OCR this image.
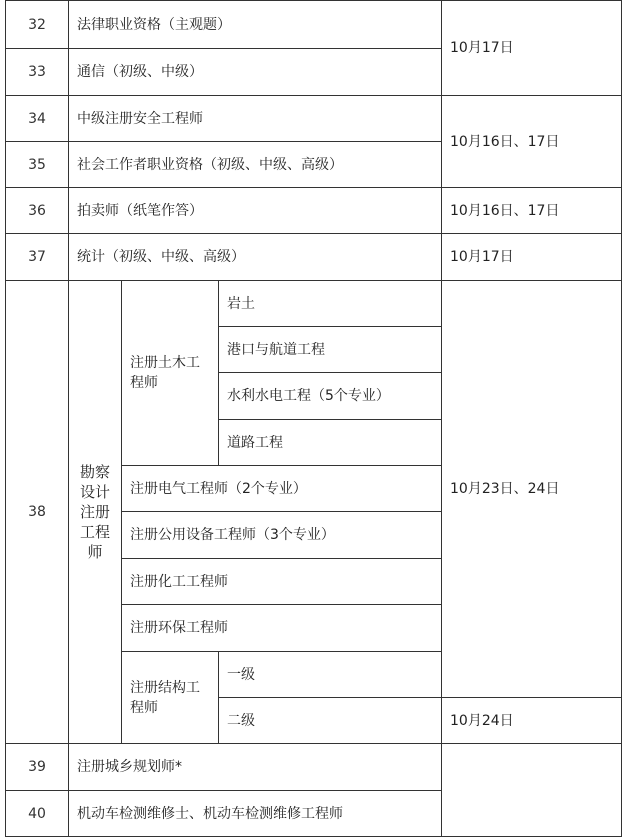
32	法律职业资格（主观题）			10月17日
33	通信（初级、中级）			
34	中级注册安全工程师			10月16日、17日
35	社会工作者职业资格（初级、中级、高级）			
36	拍卖师（纸笔作答）			10月16日、17日
37	统计（初级、中级、高级）			10月17日
38	勘察设计注册工程师	注册土木工程师	岩土	10月23日、24日
			港口与航道工程	
			水利水电工程（5个专业）	
			道路工程	
		注册电气工程师（2个专业）		
		注册公用设备工程师（3个专业）		
		注册化工工程师		
		注册环保工程师		
		注册结构工程师	一级	
			二级	10月24日
39	注册城乡规划师*			
40	机动车检测维修士、机动车检测维修工程师			
